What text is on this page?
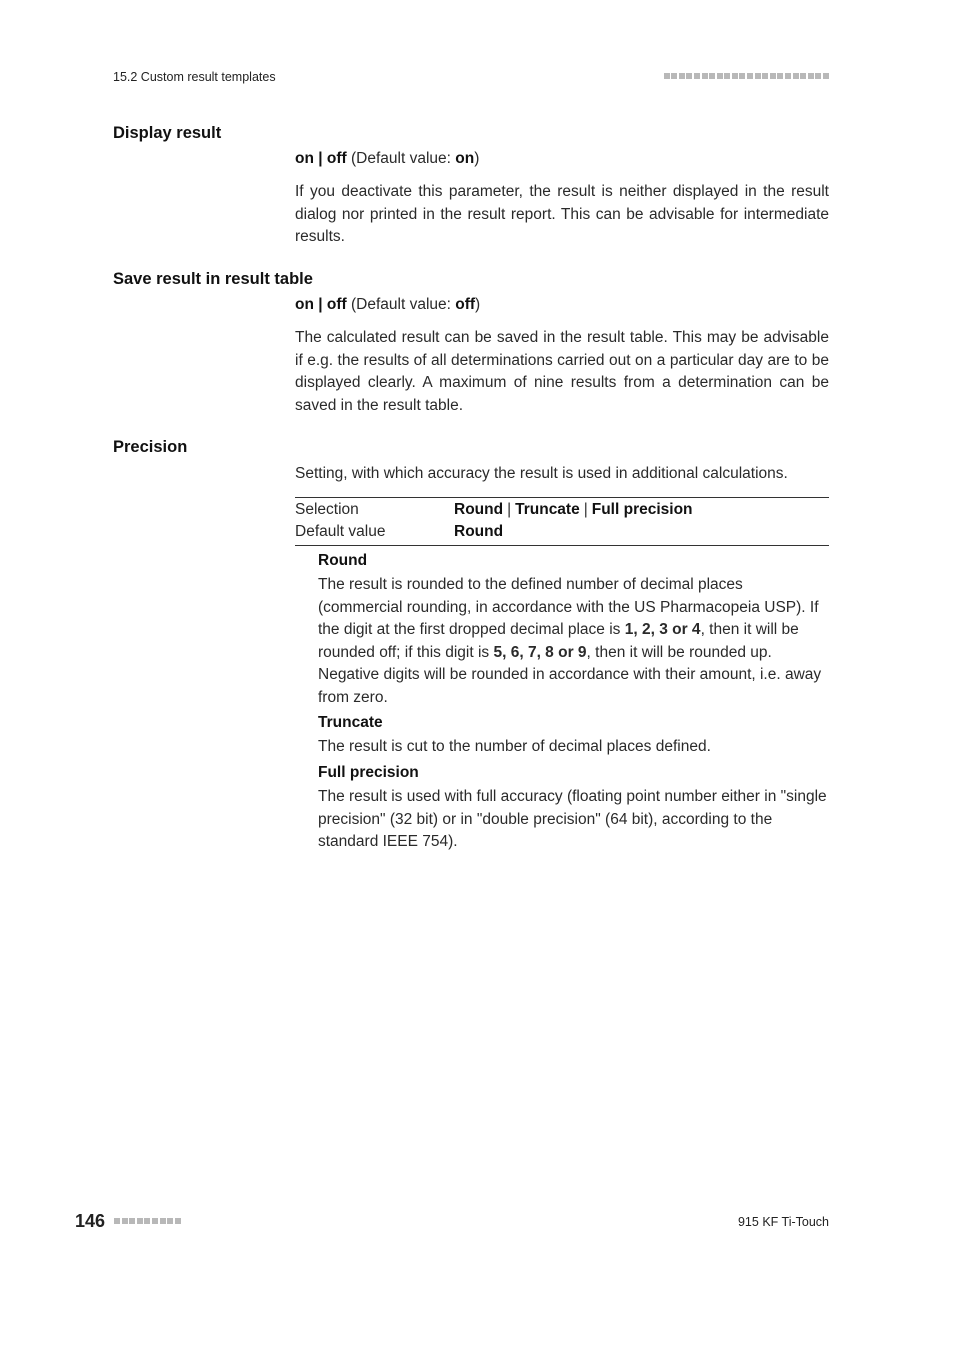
15.2 Custom result templates
Display result
on | off (Default value: on)
If you deactivate this parameter, the result is neither displayed in the result dialog nor printed in the result report. This can be advisable for intermediate results.
Save result in result table
on | off (Default value: off)
The calculated result can be saved in the result table. This may be advisable if e.g. the results of all determinations carried out on a particular day are to be displayed clearly. A maximum of nine results from a determination can be saved in the result table.
Precision
Setting, with which accuracy the result is used in additional calculations.
Selection	Round | Truncate | Full precision
Default value	Round
Round
The result is rounded to the defined number of decimal places (commercial rounding, in accordance with the US Pharmacopeia USP). If the digit at the first dropped decimal place is 1, 2, 3 or 4, then it will be rounded off; if this digit is 5, 6, 7, 8 or 9, then it will be rounded up. Negative digits will be rounded in accordance with their amount, i.e. away from zero.
Truncate
The result is cut to the number of decimal places defined.
Full precision
The result is used with full accuracy (floating point number either in "single precision" (32 bit) or in "double precision" (64 bit), according to the standard IEEE 754).
146	915 KF Ti-Touch
